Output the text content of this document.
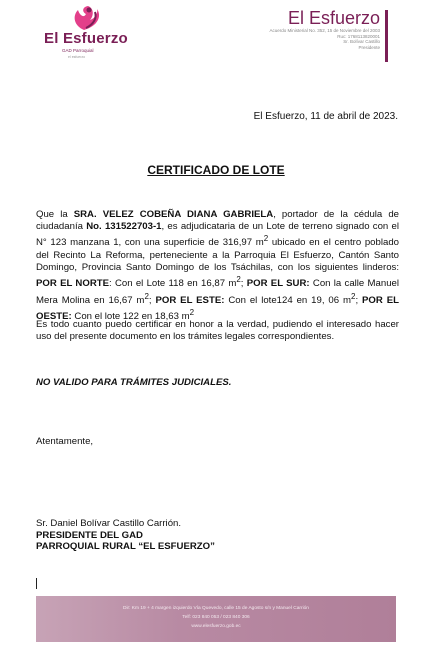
El Esfuerzo
GAD Parroquial
el esfuerzo
El Esfuerzo
Acuerdo Ministerial No. 352, 15 de Noviembre del 2003
Ruc: 1768113820001
Sr. Bolívar Castillo
Presidente
El Esfuerzo, 11 de abril de 2023.
CERTIFICADO DE LOTE
Que la SRA. VELEZ COBEÑA DIANA GABRIELA, portador de la cédula de ciudadanía No. 131522703-1, es adjudicataria de un Lote de terreno signado con el N° 123 manzana 1, con una superficie de 316,97 $m^2$ ubicado en el centro poblado del Recinto La Reforma, perteneciente a la Parroquia El Esfuerzo, Cantón Santo Domingo, Provincia Santo Domingo de los Tsáchilas, con los siguientes linderos: POR EL NORTE: Con el Lote 118 en 16,87 $m^2$; POR EL SUR: Con la calle Manuel Mera Molina en 16,67 $m^2$; POR EL ESTE: Con el lote124 en 19, 06 $m^2$; POR EL OESTE: Con el lote 122 en 18,63 $m^2$
Es todo cuanto puedo certificar en honor a la verdad, pudiendo el interesado hacer uso del presente documento en los trámites legales correspondientes.
NO VALIDO PARA TRÁMITES JUDICIALES.
Atentamente,
Sr. Daniel Bolívar Castillo Carrión.
PRESIDENTE DEL GAD
PARROQUIAL RURAL “EL ESFUERZO”
Dir: Km 19 + 4 margen izquierdo Vía Quevedo, calle 15 de Agosto s/n y Manuel Carrión
Telf: 023 840 053 / 023 840 306
www.elesfuerzo.gob.ec
